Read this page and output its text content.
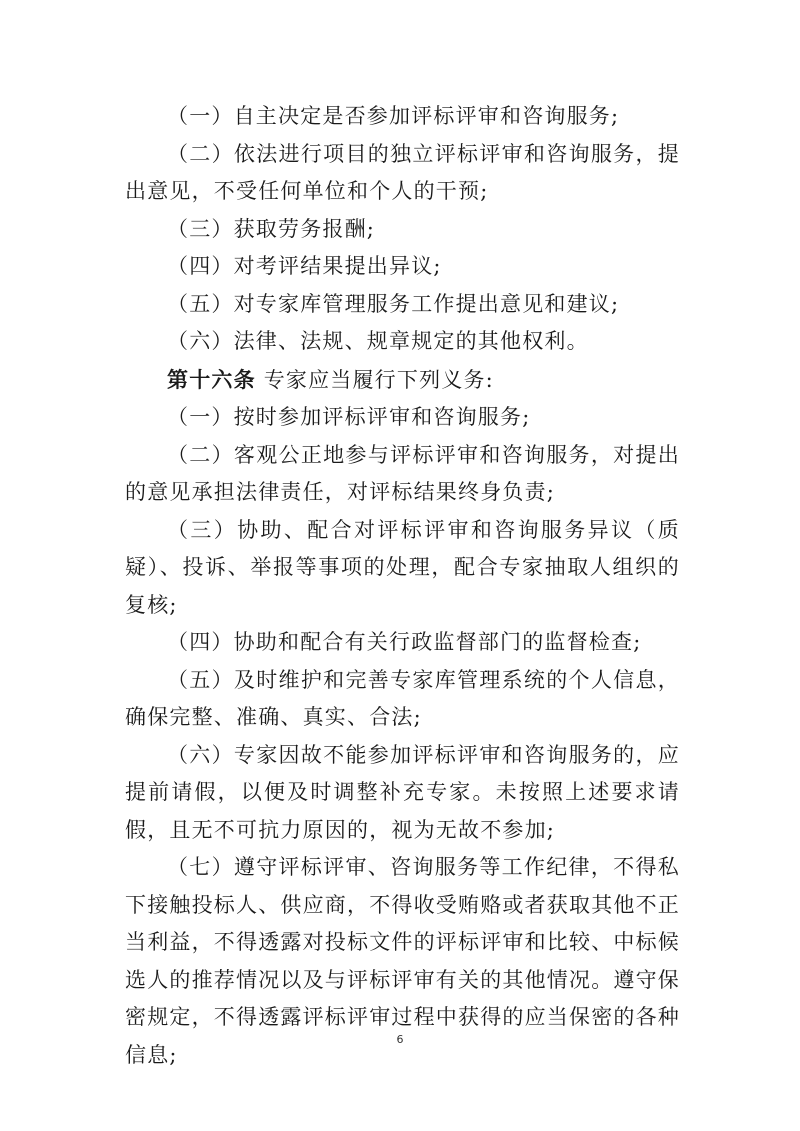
（一）自主决定是否参加评标评审和咨询服务;

（二）依法进行项目的独立评标评审和咨询服务，提出意见，不受任何单位和个人的干预;

（三）获取劳务报酬;

（四）对考评结果提出异议;

（五）对专家库管理服务工作提出意见和建议;

（六）法律、法规、规章规定的其他权利。

第十六条 专家应当履行下列义务:

（一）按时参加评标评审和咨询服务;

（二）客观公正地参与评标评审和咨询服务，对提出的意见承担法律责任，对评标结果终身负责;

（三）协助、配合对评标评审和咨询服务异议（质疑）、投诉、举报等事项的处理，配合专家抽取人组织的复核;

（四）协助和配合有关行政监督部门的监督检查;

（五）及时维护和完善专家库管理系统的个人信息，确保完整、准确、真实、合法;

（六）专家因故不能参加评标评审和咨询服务的，应提前请假，以便及时调整补充专家。未按照上述要求请假，且无不可抗力原因的，视为无故不参加;

（七）遵守评标评审、咨询服务等工作纪律，不得私下接触投标人、供应商，不得收受贿赂或者获取其他不正当利益，不得透露对投标文件的评标评审和比较、中标候选人的推荐情况以及与评标评审有关的其他情况。遵守保密规定，不得透露评标评审过程中获得的应当保密的各种信息;

6
